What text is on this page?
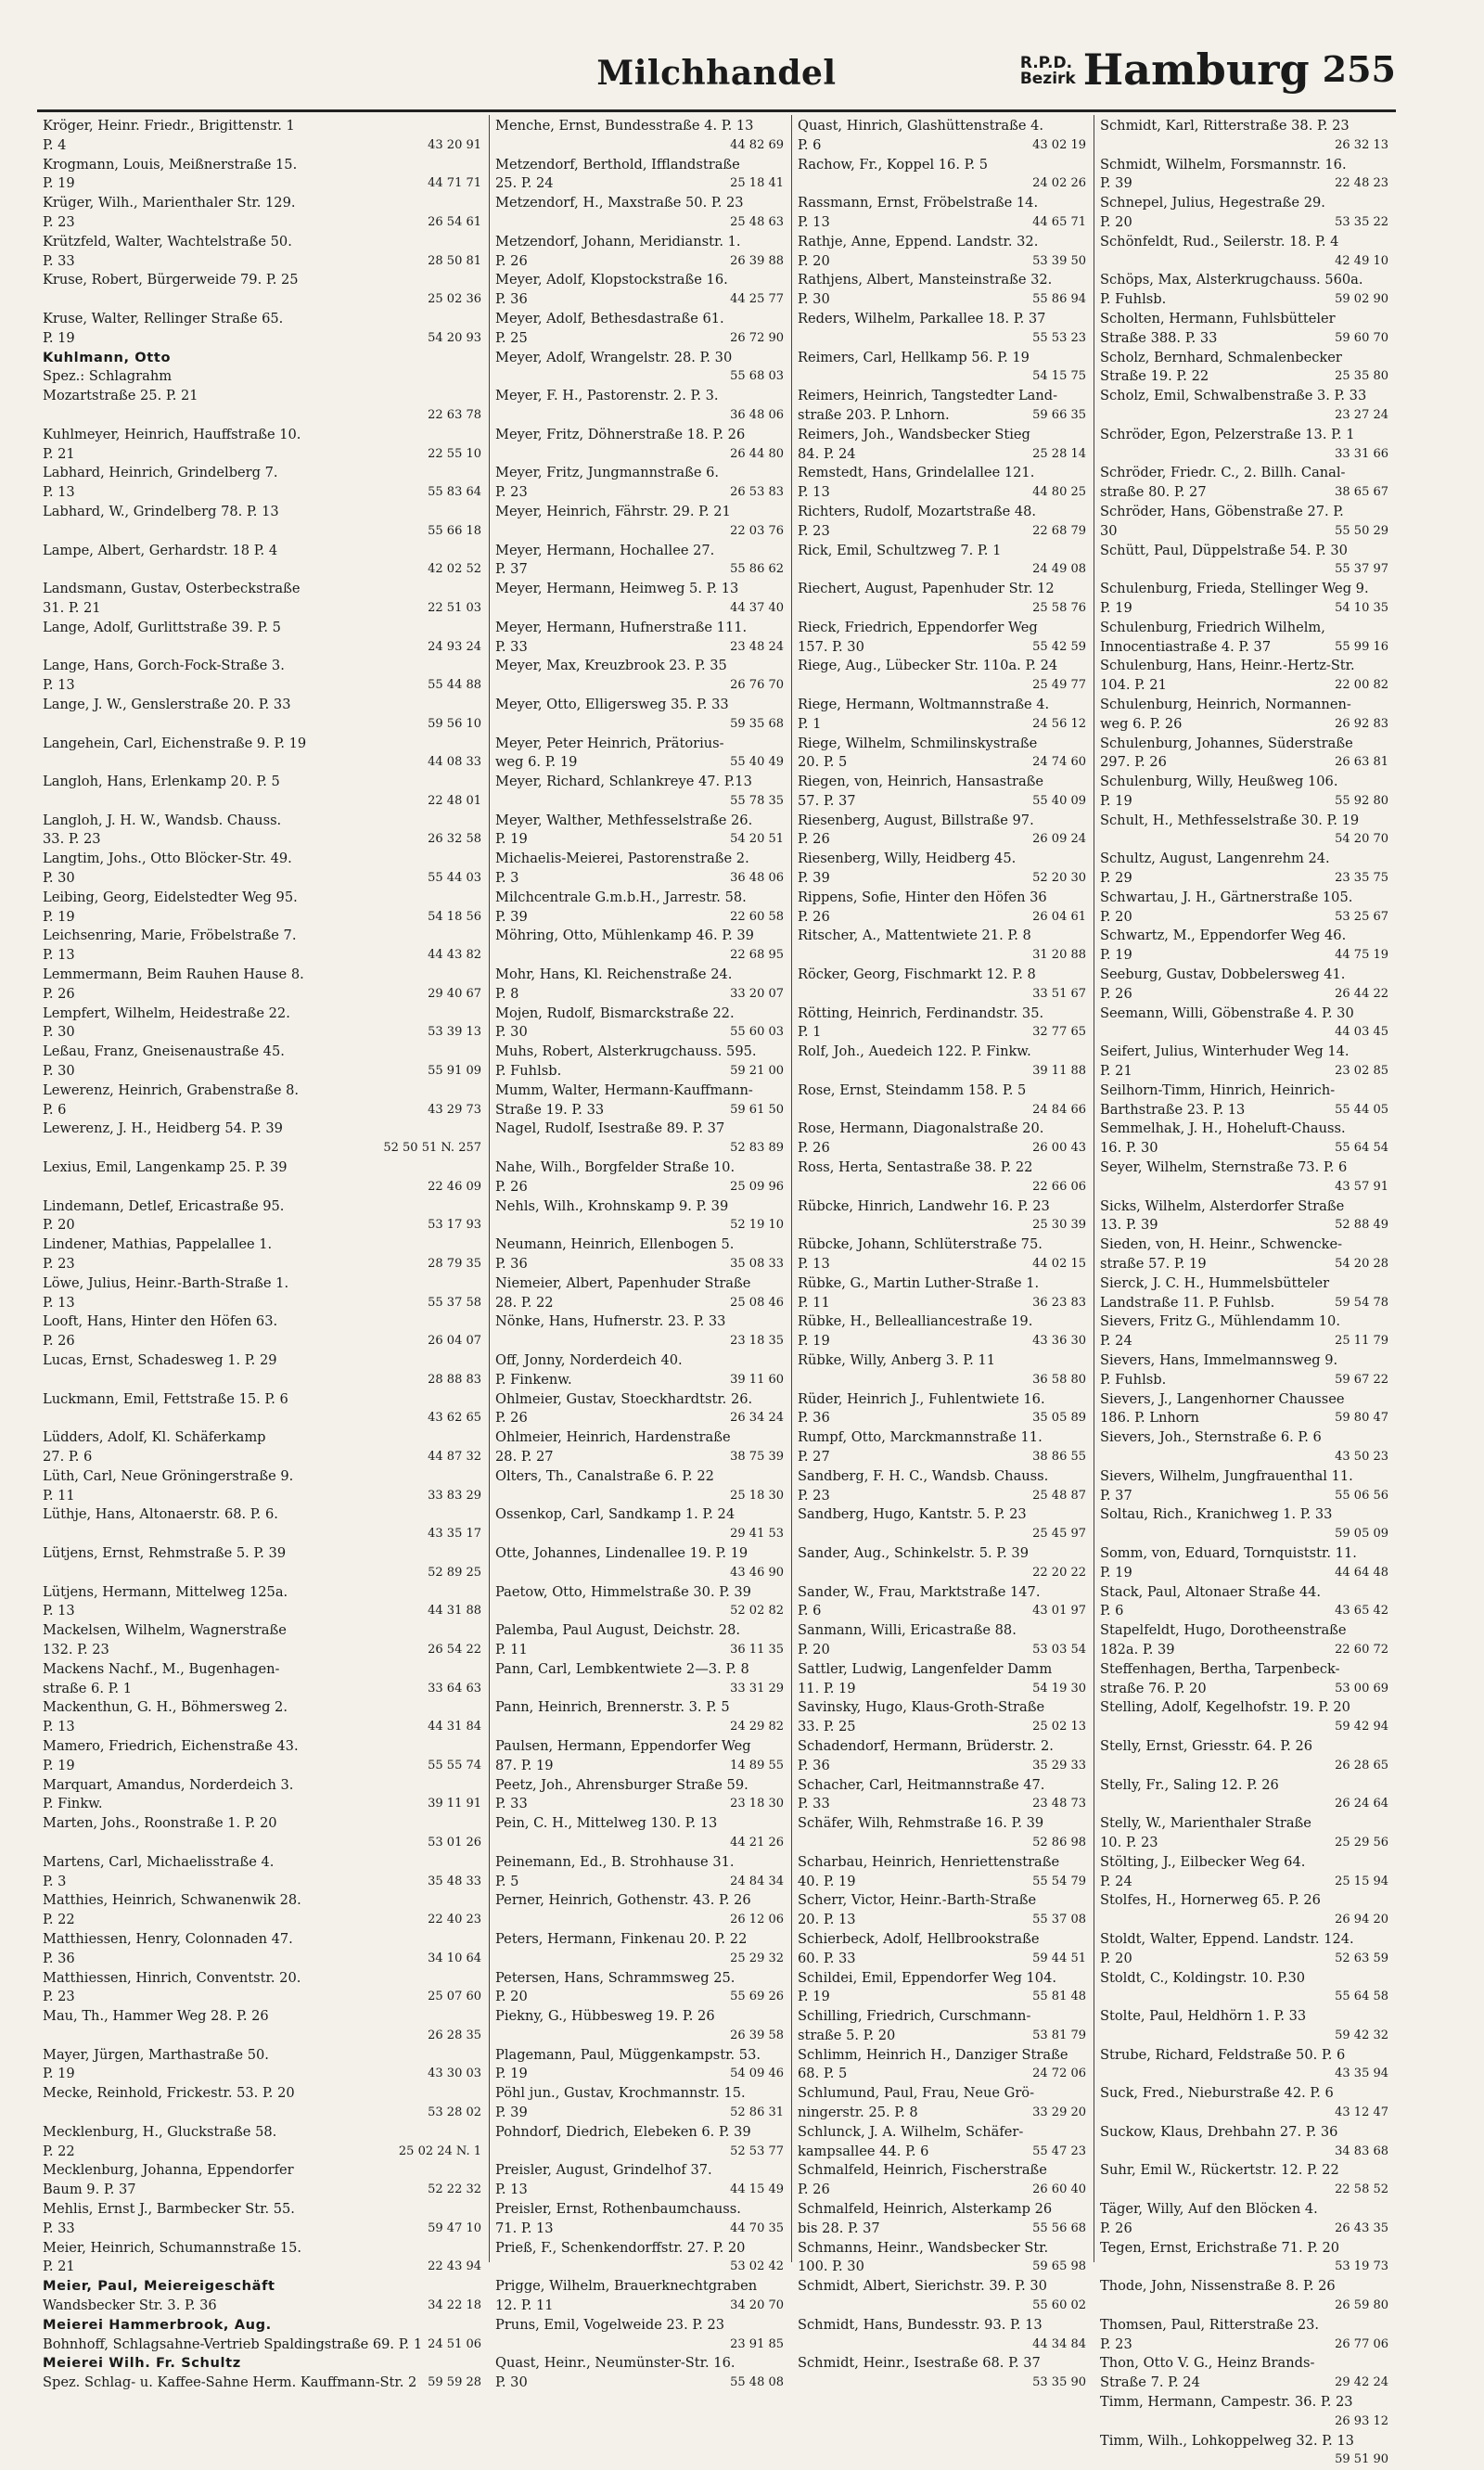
Milchhandel	R.P.D.
Bezirk Hamburg 255
Kröger, Heinr. Friedr., Brigittenstr. 1
P. 4	43 20 91
Krogmann, Louis, Meißnerstraße 15.
P. 19	44 71 71
Krüger, Wilh., Marienthaler Str. 129.
P. 23	26 54 61
Krützfeld, Walter, Wachtelstraße 50.
P. 33	28 50 81
Kruse, Robert, Bürgerweide 79. P. 25
25 02 36
Kruse, Walter, Rellinger Straße 65.
P. 19	54 20 93
Kuhlmann, Otto
Spez.: Schlagrahm
Mozartstraße 25. P. 21
22 63 78
Kuhlmeyer, Heinrich, Hauffstraße 10.
P. 21	22 55 10
Labhard, Heinrich, Grindelberg 7.
P. 13	55 83 64
Labhard, W., Grindelberg 78. P. 13
55 66 18
Lampe, Albert, Gerhardstr. 18 P. 4
42 02 52
Landsmann, Gustav, Osterbeckstraße
31. P. 21	22 51 03
Lange, Adolf, Gurlittstraße 39. P. 5
24 93 24
Lange, Hans, Gorch-Fock-Straße 3.
P. 13	55 44 88
Lange, J. W., Genslerstraße 20. P. 33
59 56 10
Langehein, Carl, Eichenstraße 9. P. 19
44 08 33
Langloh, Hans, Erlenkamp 20. P. 5
22 48 01
Langloh, J. H. W., Wandsb. Chauss.
33. P. 23	26 32 58
Langtim, Johs., Otto Blöcker-Str. 49.
P. 30	55 44 03
Leibing, Georg, Eidelstedter Weg 95.
P. 19	54 18 56
Leichsenring, Marie, Fröbelstraße 7.
P. 13	44 43 82
Lemmermann, Beim Rauhen Hause 8.
P. 26	29 40 67
Lempfert, Wilhelm, Heidestraße 22.
P. 30	53 39 13
Leßau, Franz, Gneisenaustraße 45.
P. 30	55 91 09
Lewerenz, Heinrich, Grabenstraße 8.
P. 6	43 29 73
Lewerenz, J. H., Heidberg 54. P. 39
52 50 51 N. 257
Lexius, Emil, Langenkamp 25. P. 39
22 46 09
Lindemann, Detlef, Ericastraße 95.
P. 20	53 17 93
Lindener, Mathias, Pappelallee 1.
P. 23	28 79 35
Löwe, Julius, Heinr.-Barth-Straße 1.
P. 13	55 37 58
Looft, Hans, Hinter den Höfen 63.
P. 26	26 04 07
Lucas, Ernst, Schadesweg 1. P. 29
28 88 83
Luckmann, Emil, Fettstraße 15. P. 6
43 62 65
Lüdders, Adolf, Kl. Schäferkamp
27. P. 6	44 87 32
Lüth, Carl, Neue Gröningerstraße 9.
P. 11	33 83 29
Lüthje, Hans, Altonaerstr. 68. P. 6.
43 35 17
Lütjens, Ernst, Rehmstraße 5. P. 39
52 89 25
Lütjens, Hermann, Mittelweg 125a.
P. 13	44 31 88
Mackelsen, Wilhelm, Wagnerstraße
132. P. 23	26 54 22
Mackens Nachf., M., Bugenhagen-
straße 6. P. 1	33 64 63
Mackenthun, G. H., Böhmersweg 2.
P. 13	44 31 84
Mamero, Friedrich, Eichenstraße 43.
P. 19	55 55 74
Marquart, Amandus, Norderdeich 3.
P. Finkw.	39 11 91
Marten, Johs., Roonstraße 1. P. 20
53 01 26
Martens, Carl, Michaelisstraße 4.
P. 3	35 48 33
Matthies, Heinrich, Schwanenwik 28.
P. 22	22 40 23
Matthiessen, Henry, Colonnaden 47.
P. 36	34 10 64
Matthiessen, Hinrich, Conventstr. 20.
P. 23	25 07 60
Mau, Th., Hammer Weg 28. P. 26
26 28 35
Mayer, Jürgen, Marthastraße 50.
P. 19	43 30 03
Mecke, Reinhold, Frickestr. 53. P. 20
53 28 02
Mecklenburg, H., Gluckstraße 58.
P. 22	25 02 24 N. 1
Mecklenburg, Johanna, Eppendorfer
Baum 9. P. 37	52 22 32
Mehlis, Ernst J., Barmbecker Str. 55.
P. 33	59 47 10
Meier, Heinrich, Schumannstraße 15.
P. 21	22 43 94
Meier, Paul, Meiereigeschäft
Wandsbecker Str. 3. P. 36	34 22 18
Meierei Hammerbrook, Aug.
Bohnhoff, Schlagsahne-Vertrieb Spaldingstraße 69. P. 1 24 51 06
Meierei Wilh. Fr. Schultz
Spez. Schlag- u. Kaffee-Sahne Herm. Kauffmann-Str. 2 59 59 28
Menche, Ernst, Bundesstraße 4. P. 13
44 82 69
Metzendorf, Berthold, Ifflandstraße
25. P. 24	25 18 41
Metzendorf, H., Maxstraße 50. P. 23
25 48 63
Metzendorf, Johann, Meridianstr. 1.
P. 26	26 39 88
Meyer, Adolf, Klopstockstraße 16.
P. 36	44 25 77
Meyer, Adolf, Bethesdastraße 61.
P. 25	26 72 90
Meyer, Adolf, Wrangelstr. 28. P. 30
55 68 03
Meyer, F. H., Pastorenstr. 2. P. 3.
36 48 06
Meyer, Fritz, Döhnerstraße 18. P. 26
26 44 80
Meyer, Fritz, Jungmannstraße 6.
P. 23	26 53 83
Meyer, Heinrich, Fährstr. 29. P. 21
22 03 76
Meyer, Hermann, Hochallee 27.
P. 37	55 86 62
Meyer, Hermann, Heimweg 5. P. 13
44 37 40
Meyer, Hermann, Hufnerstraße 111.
P. 33	23 48 24
Meyer, Max, Kreuzbrook 23. P. 35
26 76 70
Meyer, Otto, Elligersweg 35. P. 33
59 35 68
Meyer, Peter Heinrich, Prätorius-
weg 6. P. 19	55 40 49
Meyer, Richard, Schlankreye 47. P.13
55 78 35
Meyer, Walther, Methfesselstraße 26.
P. 19	54 20 51
Michaelis-Meierei, Pastorenstraße 2.
P. 3	36 48 06
Milchcentrale G.m.b.H., Jarrestr. 58.
P. 39	22 60 58
Möhring, Otto, Mühlenkamp 46. P. 39
22 68 95
Mohr, Hans, Kl. Reichenstraße 24.
P. 8	33 20 07
Mojen, Rudolf, Bismarckstraße 22.
P. 30	55 60 03
Muhs, Robert, Alsterkrugchauss. 595.
P. Fuhlsb.	59 21 00
Mumm, Walter, Hermann-Kauffmann-
Straße 19. P. 33	59 61 50
Nagel, Rudolf, Isestraße 89. P. 37
52 83 89
Nahe, Wilh., Borgfelder Straße 10.
P. 26	25 09 96
Nehls, Wilh., Krohnskamp 9. P. 39
52 19 10
Neumann, Heinrich, Ellenbogen 5.
P. 36	35 08 33
Niemeier, Albert, Papenhuder Straße
28. P. 22	25 08 46
Nönke, Hans, Hufnerstr. 23. P. 33
23 18 35
Off, Jonny, Norderdeich 40.
P. Finkenw.	39 11 60
Ohlmeier, Gustav, Stoeckhardtstr. 26.
P. 26	26 34 24
Ohlmeier, Heinrich, Hardenstraße
28. P. 27	38 75 39
Olters, Th., Canalstraße 6. P. 22
25 18 30
Ossenkop, Carl, Sandkamp 1. P. 24
29 41 53
Otte, Johannes, Lindenallee 19. P. 19
43 46 90
Paetow, Otto, Himmelstraße 30. P. 39
52 02 82
Palemba, Paul August, Deichstr. 28.
P. 11	36 11 35
Pann, Carl, Lembkentwiete 2—3. P. 8
33 31 29
Pann, Heinrich, Brennerstr. 3. P. 5
24 29 82
Paulsen, Hermann, Eppendorfer Weg
87. P. 19	14 89 55
Peetz, Joh., Ahrensburger Straße 59.
P. 33	23 18 30
Pein, C. H., Mittelweg 130. P. 13
44 21 26
Peinemann, Ed., B. Strohhause 31.
P. 5	24 84 34
Perner, Heinrich, Gothenstr. 43. P. 26
26 12 06
Peters, Hermann, Finkenau 20. P. 22
25 29 32
Petersen, Hans, Schrammsweg 25.
P. 20	55 69 26
Piekny, G., Hübbesweg 19. P. 26
26 39 58
Plagemann, Paul, Müggenkampstr. 53.
P. 19	54 09 46
Pöhl jun., Gustav, Krochmannstr. 15.
P. 39	52 86 31
Pohndorf, Diedrich, Elebeken 6. P. 39
52 53 77
Preisler, August, Grindelhof 37.
P. 13	44 15 49
Preisler, Ernst, Rothenbaumchauss.
71. P. 13	44 70 35
Prieß, F., Schenkendorffstr. 27. P. 20
53 02 42
Prigge, Wilhelm, Brauerknechtgraben
12. P. 11	34 20 70
Pruns, Emil, Vogelweide 23. P. 23
23 91 85
Quast, Heinr., Neumünster-Str. 16.
P. 30	55 48 08
Quast, Hinrich, Glashüttenstraße 4.
P. 6	43 02 19
Rachow, Fr., Koppel 16. P. 5
24 02 26
Rassmann, Ernst, Fröbelstraße 14.
P. 13	44 65 71
Rathje, Anne, Eppend. Landstr. 32.
P. 20	53 39 50
Rathjens, Albert, Mansteinstraße 32.
P. 30	55 86 94
Reders, Wilhelm, Parkallee 18. P. 37
55 53 23
Reimers, Carl, Hellkamp 56. P. 19
54 15 75
Reimers, Heinrich, Tangstedter Land-
straße 203. P. Lnhorn.	59 66 35
Reimers, Joh., Wandsbecker Stieg
84. P. 24	25 28 14
Remstedt, Hans, Grindelallee 121.
P. 13	44 80 25
Richters, Rudolf, Mozartstraße 48.
P. 23	22 68 79
Rick, Emil, Schultzweg 7. P. 1
24 49 08
Riechert, August, Papenhuder Str. 12
25 58 76
Rieck, Friedrich, Eppendorfer Weg
157. P. 30	55 42 59
Riege, Aug., Lübecker Str. 110a. P. 24
25 49 77
Riege, Hermann, Woltmannstraße 4.
P. 1	24 56 12
Riege, Wilhelm, Schmilinskystraße
20. P. 5	24 74 60
Riegen, von, Heinrich, Hansastraße
57. P. 37	55 40 09
Riesenberg, August, Billstraße 97.
P. 26	26 09 24
Riesenberg, Willy, Heidberg 45.
P. 39	52 20 30
Rippens, Sofie, Hinter den Höfen 36
P. 26	26 04 61
Ritscher, A., Mattentwiete 21. P. 8
31 20 88
Röcker, Georg, Fischmarkt 12. P. 8
33 51 67
Rötting, Heinrich, Ferdinandstr. 35.
P. 1	32 77 65
Rolf, Joh., Auedeich 122. P. Finkw.
39 11 88
Rose, Ernst, Steindamm 158. P. 5
24 84 66
Rose, Hermann, Diagonalstraße 20.
P. 26	26 00 43
Ross, Herta, Sentastraße 38. P. 22
22 66 06
Rübcke, Hinrich, Landwehr 16. P. 23
25 30 39
Rübcke, Johann, Schlüterstraße 75.
P. 13	44 02 15
Rübke, G., Martin Luther-Straße 1.
P. 11	36 23 83
Rübke, H., Bellealliancestraße 19.
P. 19	43 36 30
Rübke, Willy, Anberg 3. P. 11
36 58 80
Rüder, Heinrich J., Fuhlentwiete 16.
P. 36	35 05 89
Rumpf, Otto, Marckmannstraße 11.
P. 27	38 86 55
Sandberg, F. H. C., Wandsb. Chauss.
P. 23	25 48 87
Sandberg, Hugo, Kantstr. 5. P. 23
25 45 97
Sander, Aug., Schinkelstr. 5. P. 39
22 20 22
Sander, W., Frau, Marktstraße 147.
P. 6	43 01 97
Sanmann, Willi, Ericastraße 88.
P. 20	53 03 54
Sattler, Ludwig, Langenfelder Damm
11. P. 19	54 19 30
Savinsky, Hugo, Klaus-Groth-Straße
33. P. 25	25 02 13
Schadendorf, Hermann, Brüderstr. 2.
P. 36	35 29 33
Schacher, Carl, Heitmannstraße 47.
P. 33	23 48 73
Schäfer, Wilh, Rehmstraße 16. P. 39
52 86 98
Scharbau, Heinrich, Henriettenstraße
40. P. 19	55 54 79
Scherr, Victor, Heinr.-Barth-Straße
20. P. 13	55 37 08
Schierbeck, Adolf, Hellbrookstraße
60. P. 33	59 44 51
Schildei, Emil, Eppendorfer Weg 104.
P. 19	55 81 48
Schilling, Friedrich, Curschmann-
straße 5. P. 20	53 81 79
Schlimm, Heinrich H., Danziger Straße
68. P. 5	24 72 06
Schlumund, Paul, Frau, Neue Grö-
ningerstr. 25. P. 8	33 29 20
Schlunck, J. A. Wilhelm, Schäfer-
kampsallee 44. P. 6	55 47 23
Schmalfeld, Heinrich, Fischerstraße
P. 26	26 60 40
Schmalfeld, Heinrich, Alsterkamp 26
bis 28. P. 37	55 56 68
Schmanns, Heinr., Wandsbecker Str.
100. P. 30	59 65 98
Schmidt, Albert, Sierichstr. 39. P. 30
55 60 02
Schmidt, Hans, Bundesstr. 93. P. 13
44 34 84
Schmidt, Heinr., Isestraße 68. P. 37
53 35 90
Schmidt, Karl, Ritterstraße 38. P. 23
26 32 13
Schmidt, Wilhelm, Forsmannstr. 16.
P. 39	22 48 23
Schnepel, Julius, Hegestraße 29.
P. 20	53 35 22
Schönfeldt, Rud., Seilerstr. 18. P. 4
42 49 10
Schöps, Max, Alsterkrugchauss. 560a.
P. Fuhlsb.	59 02 90
Scholten, Hermann, Fuhlsbütteler
Straße 388. P. 33	59 60 70
Scholz, Bernhard, Schmalenbecker
Straße 19. P. 22	25 35 80
Scholz, Emil, Schwalbenstraße 3. P. 33
23 27 24
Schröder, Egon, Pelzerstraße 13. P. 1
33 31 66
Schröder, Friedr. C., 2. Billh. Canal-
straße 80. P. 27	38 65 67
Schröder, Hans, Göbenstraße 27. P.
30	55 50 29
Schütt, Paul, Düppelstraße 54. P. 30
55 37 97
Schulenburg, Frieda, Stellinger Weg 9.
P. 19	54 10 35
Schulenburg, Friedrich Wilhelm,
Innocentiastraße 4. P. 37	55 99 16
Schulenburg, Hans, Heinr.-Hertz-Str.
104. P. 21	22 00 82
Schulenburg, Heinrich, Normannen-
weg 6. P. 26	26 92 83
Schulenburg, Johannes, Süderstraße
297. P. 26	26 63 81
Schulenburg, Willy, Heußweg 106.
P. 19	55 92 80
Schult, H., Methfesselstraße 30. P. 19
54 20 70
Schultz, August, Langenrehm 24.
P. 29	23 35 75
Schwartau, J. H., Gärtnerstraße 105.
P. 20	53 25 67
Schwartz, M., Eppendorfer Weg 46.
P. 19	44 75 19
Seeburg, Gustav, Dobbelersweg 41.
P. 26	26 44 22
Seemann, Willi, Göbenstraße 4. P. 30
44 03 45
Seifert, Julius, Winterhuder Weg 14.
P. 21	23 02 85
Seilhorn-Timm, Hinrich, Heinrich-
Barthstraße 23. P. 13	55 44 05
Semmelhak, J. H., Hoheluft-Chauss.
16. P. 30	55 64 54
Seyer, Wilhelm, Sternstraße 73. P. 6
43 57 91
Sicks, Wilhelm, Alsterdorfer Straße
13. P. 39	52 88 49
Sieden, von, H. Heinr., Schwencke-
straße 57. P. 19	54 20 28
Sierck, J. C. H., Hummelsbütteler
Landstraße 11. P. Fuhlsb.	59 54 78
Sievers, Fritz G., Mühlendamm 10.
P. 24	25 11 79
Sievers, Hans, Immelmannsweg 9.
P. Fuhlsb.	59 67 22
Sievers, J., Langenhorner Chaussee
186. P. Lnhorn	59 80 47
Sievers, Joh., Sternstraße 6. P. 6
43 50 23
Sievers, Wilhelm, Jungfrauenthal 11.
P. 37	55 06 56
Soltau, Rich., Kranichweg 1. P. 33
59 05 09
Somm, von, Eduard, Tornquiststr. 11.
P. 19	44 64 48
Stack, Paul, Altonaer Straße 44.
P. 6	43 65 42
Stapelfeldt, Hugo, Dorotheenstraße
182a. P. 39	22 60 72
Steffenhagen, Bertha, Tarpenbeck-
straße 76. P. 20	53 00 69
Stelling, Adolf, Kegelhofstr. 19. P. 20
59 42 94
Stelly, Ernst, Griesstr. 64. P. 26
26 28 65
Stelly, Fr., Saling 12. P. 26
26 24 64
Stelly, W., Marienthaler Straße
10. P. 23	25 29 56
Stölting, J., Eilbecker Weg 64.
P. 24	25 15 94
Stolfes, H., Hornerweg 65. P. 26
26 94 20
Stoldt, Walter, Eppend. Landstr. 124.
P. 20	52 63 59
Stoldt, C., Koldingstr. 10. P.30
55 64 58
Stolte, Paul, Heldhörn 1. P. 33
59 42 32
Strube, Richard, Feldstraße 50. P. 6
43 35 94
Suck, Fred., Nieburstraße 42. P. 6
43 12 47
Suckow, Klaus, Drehbahn 27. P. 36
34 83 68
Suhr, Emil W., Rückertstr. 12. P. 22
22 58 52
Täger, Willy, Auf den Blöcken 4.
P. 26	26 43 35
Tegen, Ernst, Erichstraße 71. P. 20
53 19 73
Thode, John, Nissenstraße 8. P. 26
26 59 80
Thomsen, Paul, Ritterstraße 23.
P. 23	26 77 06
Thon, Otto V. G., Heinz Brands-
Straße 7. P. 24	29 42 24
Timm, Hermann, Campestr. 36. P. 23
26 93 12
Timm, Wilh., Lohkoppelweg 32. P. 13
59 51 90
